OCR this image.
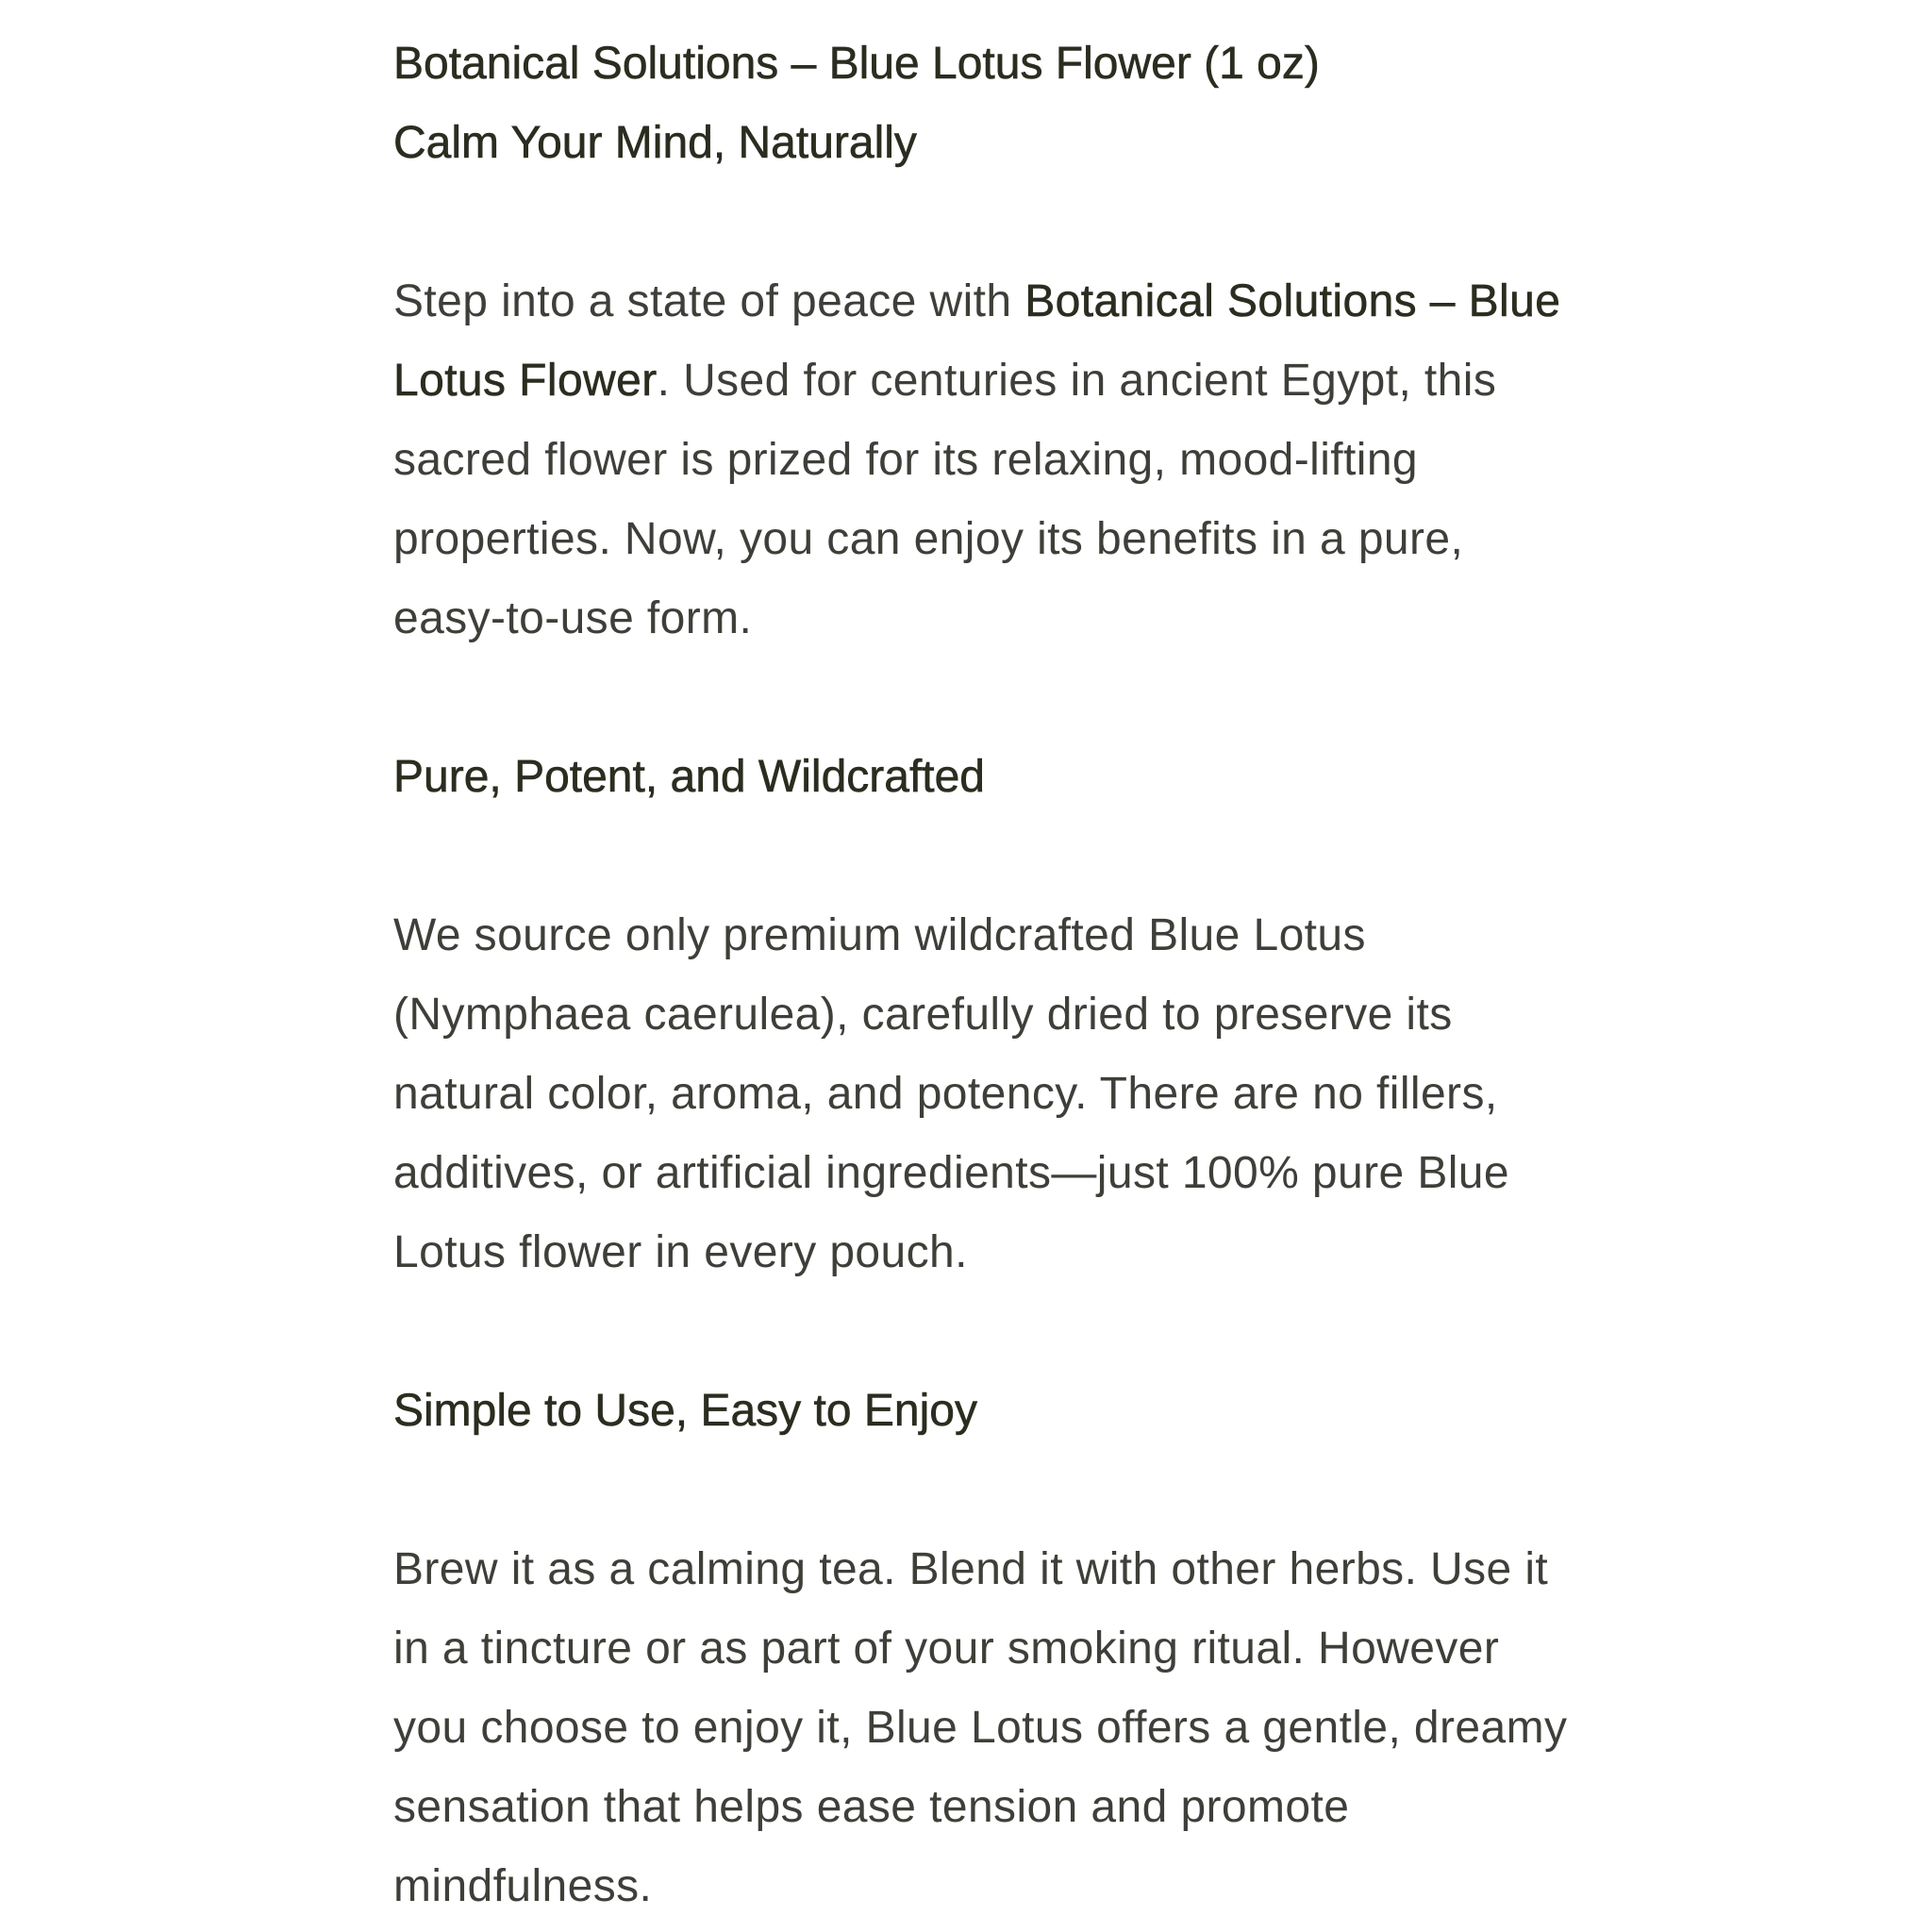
Botanical Solutions – Blue Lotus Flower (1 oz)

Calm Your Mind, Naturally

Step into a state of peace with Botanical Solutions – Blue Lotus Flower. Used for centuries in ancient Egypt, this sacred flower is prized for its relaxing, mood-lifting properties. Now, you can enjoy its benefits in a pure, easy-to-use form.

Pure, Potent, and Wildcrafted

We source only premium wildcrafted Blue Lotus (Nymphaea caerulea), carefully dried to preserve its natural color, aroma, and potency. There are no fillers, additives, or artificial ingredients—just 100% pure Blue Lotus flower in every pouch.

Simple to Use, Easy to Enjoy

Brew it as a calming tea. Blend it with other herbs. Use it in a tincture or as part of your smoking ritual. However you choose to enjoy it, Blue Lotus offers a gentle, dreamy sensation that helps ease tension and promote mindfulness.
